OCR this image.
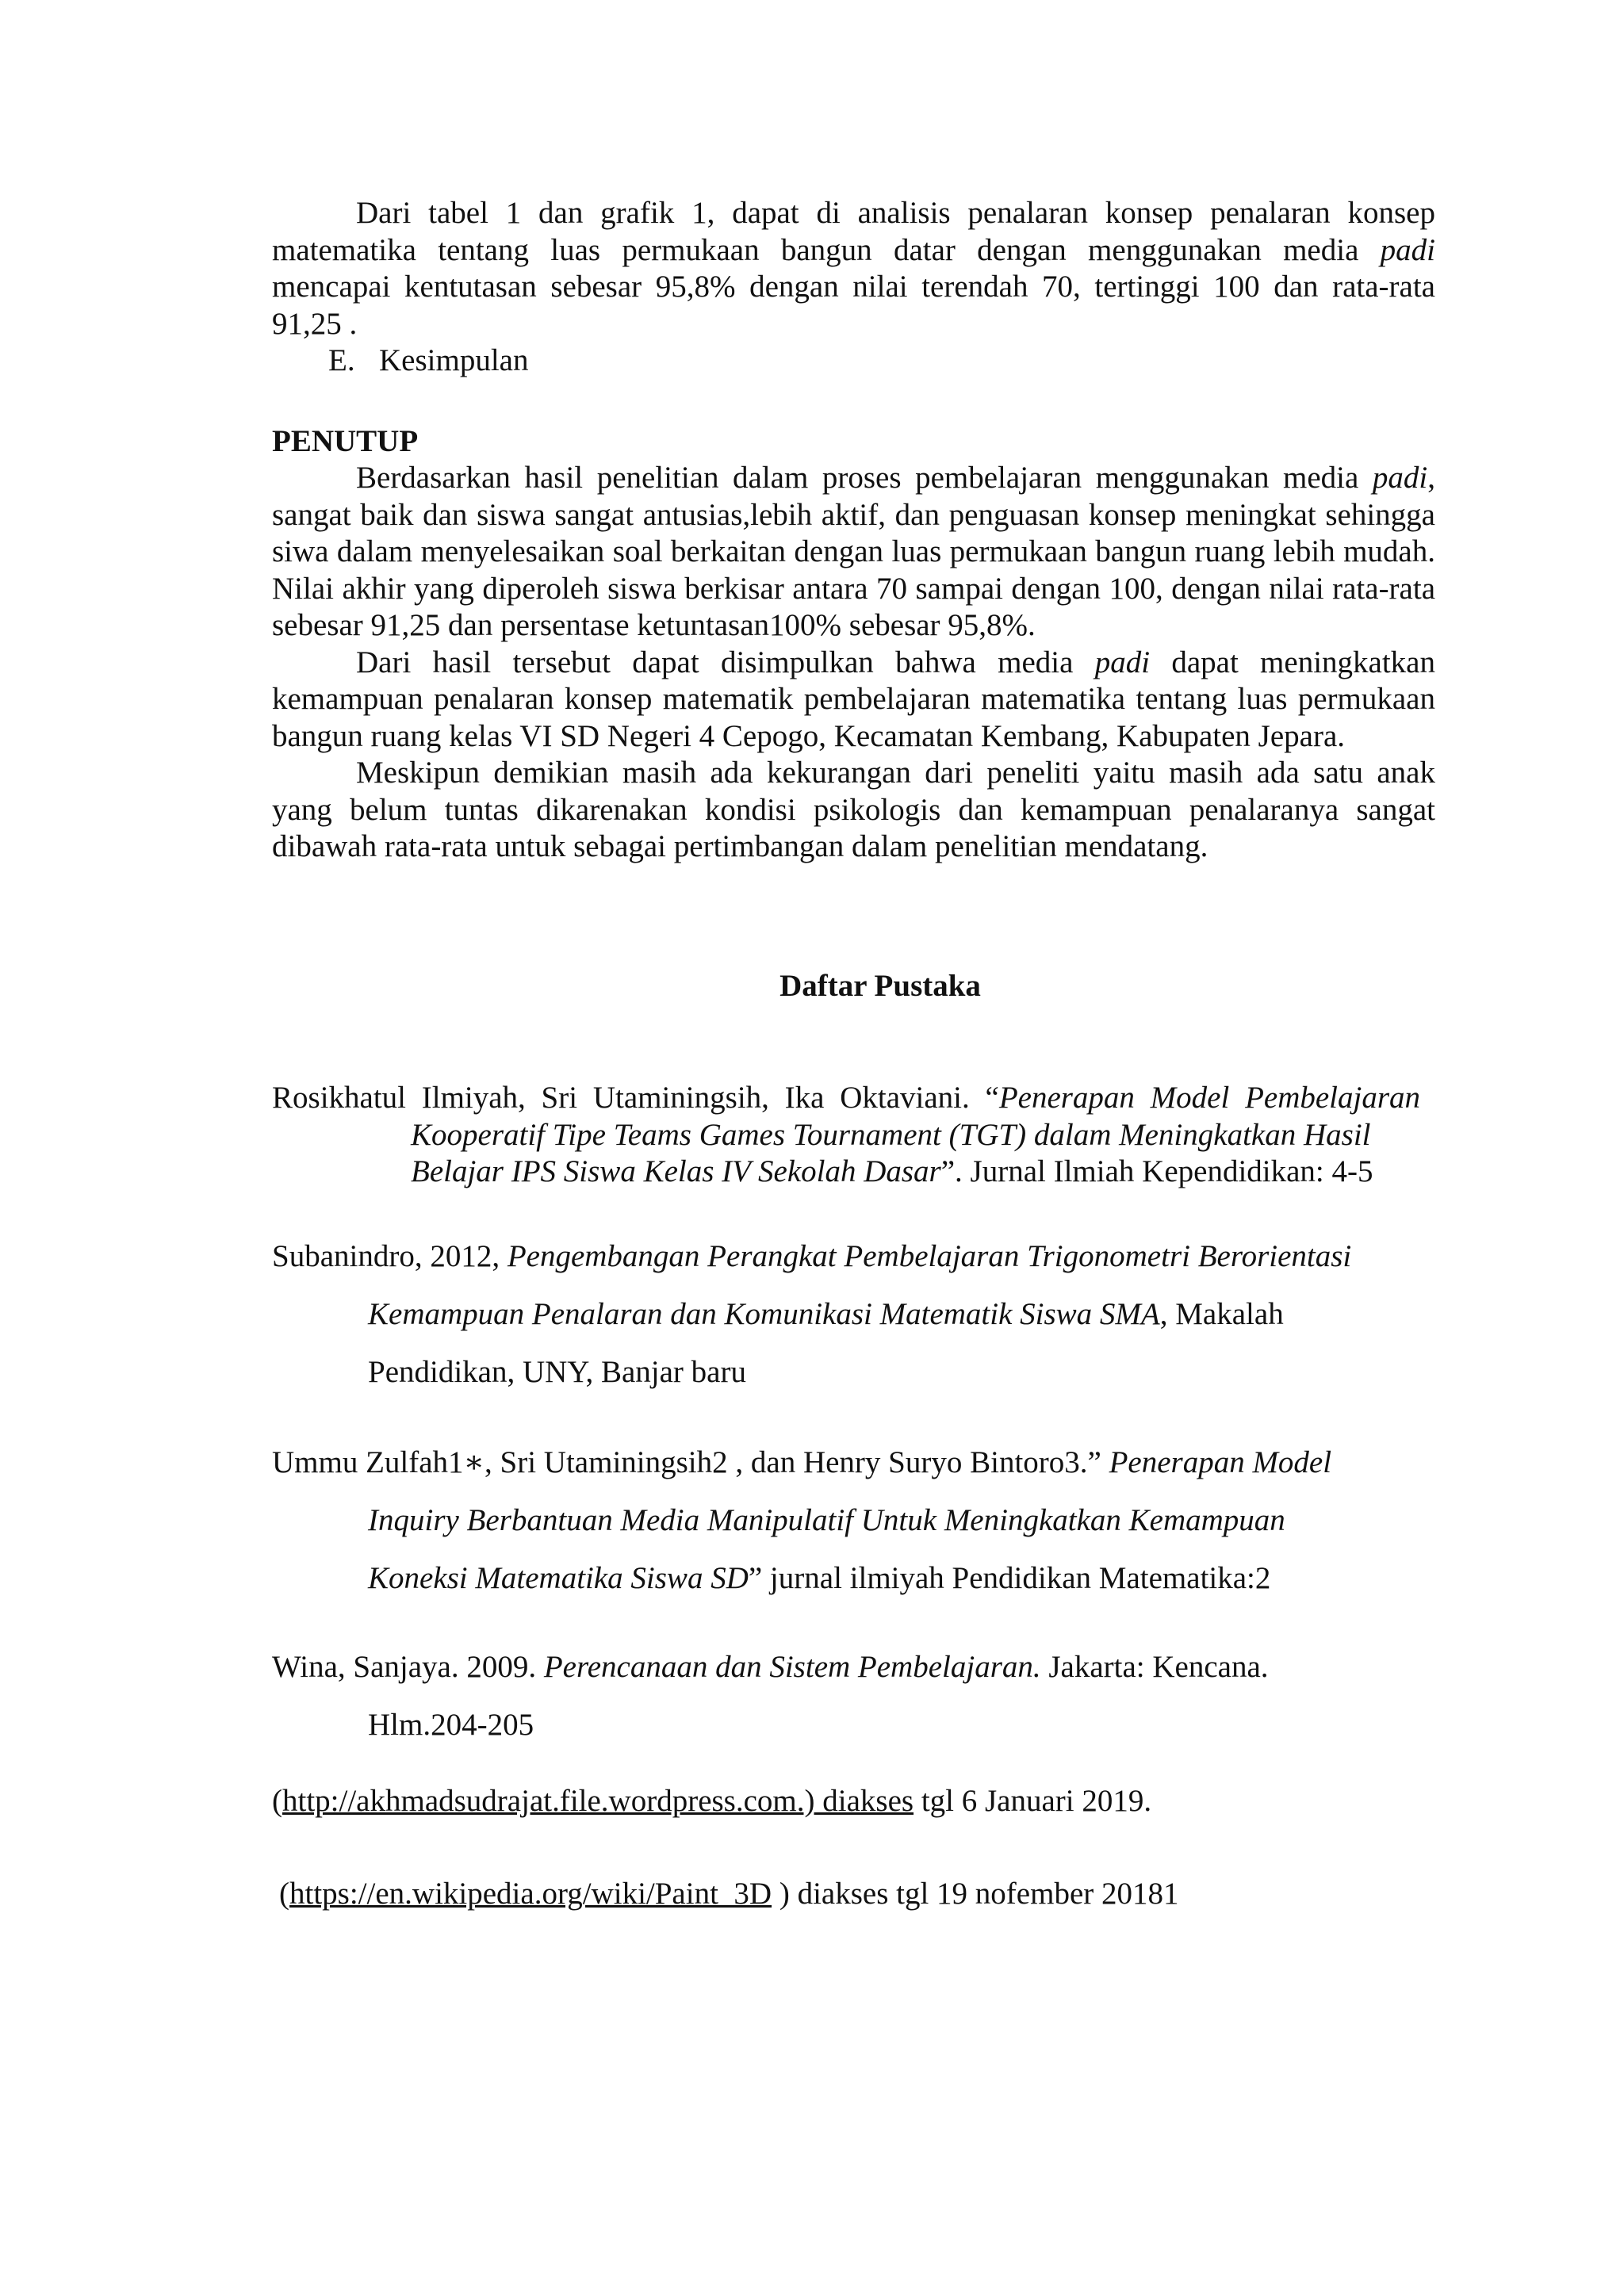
Dari tabel 1 dan grafik 1, dapat di analisis penalaran konsep penalaran konsep matematika tentang luas permukaan bangun datar dengan menggunakan media padi mencapai kentutasan sebesar 95,8% dengan nilai terendah 70, tertinggi 100 dan rata-rata 91,25 .

E. Kesimpulan
PENUTUP

Berdasarkan hasil penelitian dalam proses pembelajaran menggunakan media padi, sangat baik dan siswa sangat antusias,lebih aktif, dan penguasan konsep meningkat sehingga siwa dalam menyelesaikan soal berkaitan dengan luas permukaan bangun ruang lebih mudah. Nilai akhir yang diperoleh siswa berkisar antara 70 sampai dengan 100, dengan nilai rata-rata sebesar 91,25 dan persentase ketuntasan100% sebesar 95,8%.

Dari hasil tersebut dapat disimpulkan bahwa media padi dapat meningkatkan kemampuan penalaran konsep matematik pembelajaran matematika tentang luas permukaan bangun ruang kelas VI SD Negeri 4 Cepogo, Kecamatan Kembang, Kabupaten Jepara.

Meskipun demikian masih ada kekurangan dari peneliti yaitu masih ada satu anak yang belum tuntas dikarenakan kondisi psikologis dan kemampuan penalaranya sangat dibawah rata-rata untuk sebagai pertimbangan dalam penelitian mendatang.

Daftar Pustaka
Rosikhatul Ilmiyah, Sri Utaminingsih, Ika Oktaviani. “Penerapan Model Pembelajaran
Kooperatif Tipe Teams Games Tournament (TGT) dalam Meningkatkan Hasil
Belajar IPS Siswa Kelas IV Sekolah Dasar”. Jurnal Ilmiah Kependidikan: 4-5
Subanindro, 2012, Pengembangan Perangkat Pembelajaran Trigonometri Berorientasi
Kemampuan Penalaran dan Komunikasi Matematik Siswa SMA, Makalah
Pendidikan, UNY, Banjar baru
Ummu Zulfah1∗, Sri Utaminingsih2 , dan Henry Suryo Bintoro3.” Penerapan Model
Inquiry Berbantuan Media Manipulatif Untuk Meningkatkan Kemampuan
Koneksi Matematika Siswa SD” jurnal ilmiyah Pendidikan Matematika:2
Wina, Sanjaya. 2009. Perencanaan dan Sistem Pembelajaran. Jakarta: Kencana.
Hlm.204-205
(http://akhmadsudrajat.file.wordpress.com.) diakses tgl 6 Januari 2019.
(https://en.wikipedia.org/wiki/Paint_3D ) diakses tgl 19 nofember 20181
